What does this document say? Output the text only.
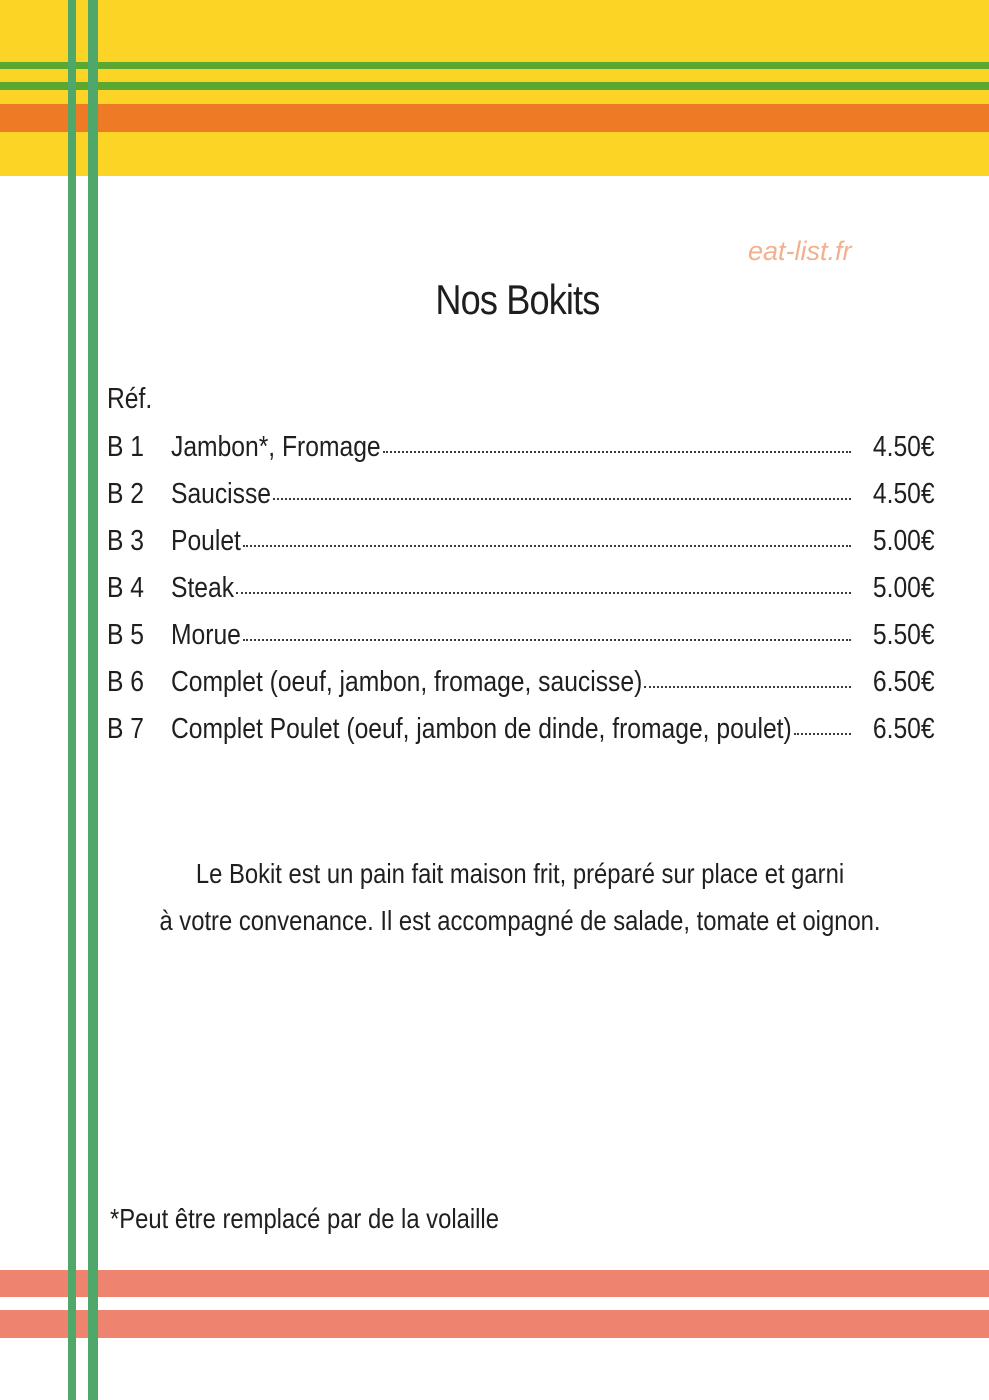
eat-list.fr
Nos Bokits
Réf.
B 1 Jambon*, Fromage	4.50€
B 2 Saucisse	4.50€
B 3 Poulet	5.00€
B 4 Steak	5.00€
B 5 Morue	5.50€
B 6 Complet (oeuf, jambon, fromage, saucisse)	6.50€
B 7 Complet Poulet (oeuf, jambon de dinde, fromage, poulet)	6.50€
Le Bokit est un pain fait maison frit, préparé sur place et garni
à votre convenance. Il est accompagné de salade, tomate et oignon.
*Peut être remplacé par de la volaille
